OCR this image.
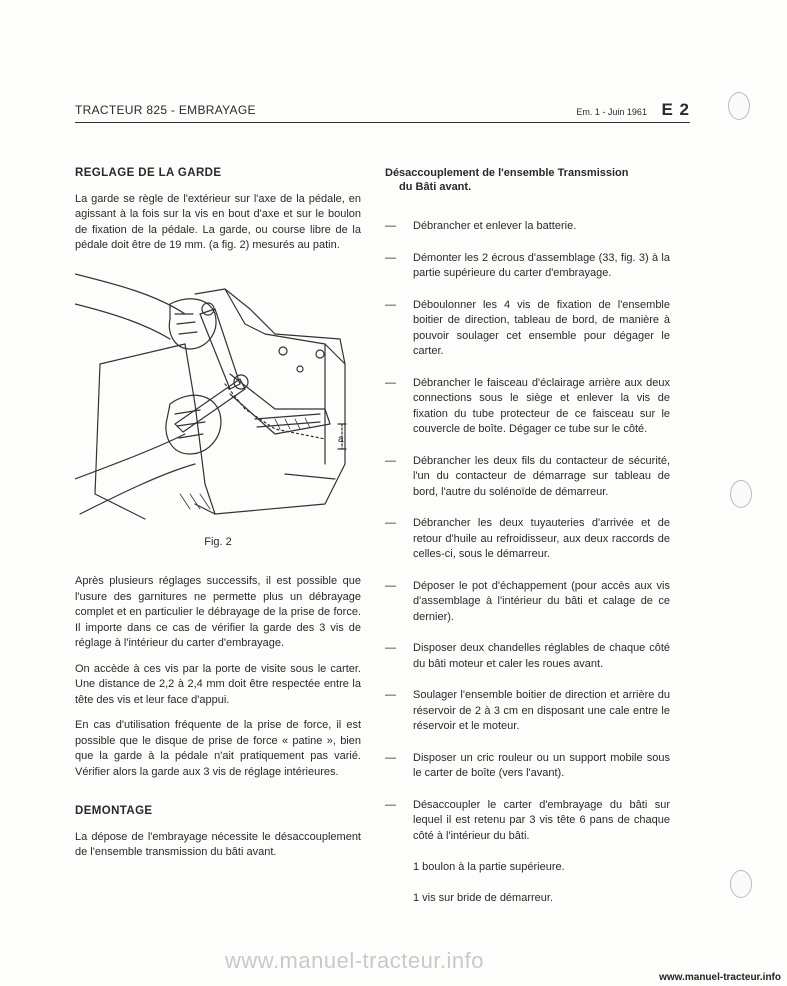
TRACTEUR 825 - EMBRAYAGE	Em. 1 - Juin 1961 E 2
REGLAGE DE LA GARDE

La garde se règle de l'extérieur sur l'axe de la pédale, en agissant à la fois sur la vis en bout d'axe et sur le boulon de fixation de la pédale. La garde, ou course libre de la pédale doit être de 19 mm. (a fig. 2) mesurés au patin.

a
Fig. 2

Après plusieurs réglages successifs, il est possible que l'usure des garnitures ne permette plus un débrayage complet et en particulier le débrayage de la prise de force. Il importe dans ce cas de vérifier la garde des 3 vis de réglage à l'intérieur du carter d'embrayage.

On accède à ces vis par la porte de visite sous le carter. Une distance de 2,2 à 2,4 mm doit être respectée entre la tête des vis et leur face d'appui.

En cas d'utilisation fréquente de la prise de force, il est possible que le disque de prise de force « patine », bien que la garde à la pédale n'ait pratiquement pas varié. Vérifier alors la garde aux 3 vis de réglage intérieures.

DEMONTAGE

La dépose de l'embrayage nécessite le désaccouplement de l'ensemble transmission du bâti avant.

Désaccouplement de l'ensemble Transmission
du Bâti avant.
— Débrancher et enlever la batterie.
— Démonter les 2 écrous d'assemblage (33, fig. 3) à la partie supérieure du carter d'embrayage.
— Déboulonner les 4 vis de fixation de l'ensemble boitier de direction, tableau de bord, de manière à pouvoir soulager cet ensemble pour dégager le carter.
— Débrancher le faisceau d'éclairage arrière aux deux connections sous le siège et enlever la vis de fixation du tube protecteur de ce faisceau sur le couvercle de boîte. Dégager ce tube sur le côté.
— Débrancher les deux fils du contacteur de sécurité, l'un du contacteur de démarrage sur tableau de bord, l'autre du solénoïde de démarreur.
— Débrancher les deux tuyauteries d'arrivée et de retour d'huile au refroidisseur, aux deux raccords de celles-ci, sous le démarreur.
— Déposer le pot d'échappement (pour accès aux vis d'assemblage à l'intérieur du bâti et calage de ce dernier).
— Disposer deux chandelles réglables de chaque côté du bâti moteur et caler les roues avant.
— Soulager l'ensemble boitier de direction et arrière du réservoir de 2 à 3 cm en disposant une cale entre le réservoir et le moteur.
— Disposer un cric rouleur ou un support mobile sous le carter de boîte (vers l'avant).
— Désaccoupler le carter d'embrayage du bâti sur lequel il est retenu par 3 vis tête 6 pans de chaque côté à l'intérieur du bâti.
1 boulon à la partie supérieure.
1 vis sur bride de démarreur.
www.manuel-tracteur.info
www.manuel-tracteur.info
